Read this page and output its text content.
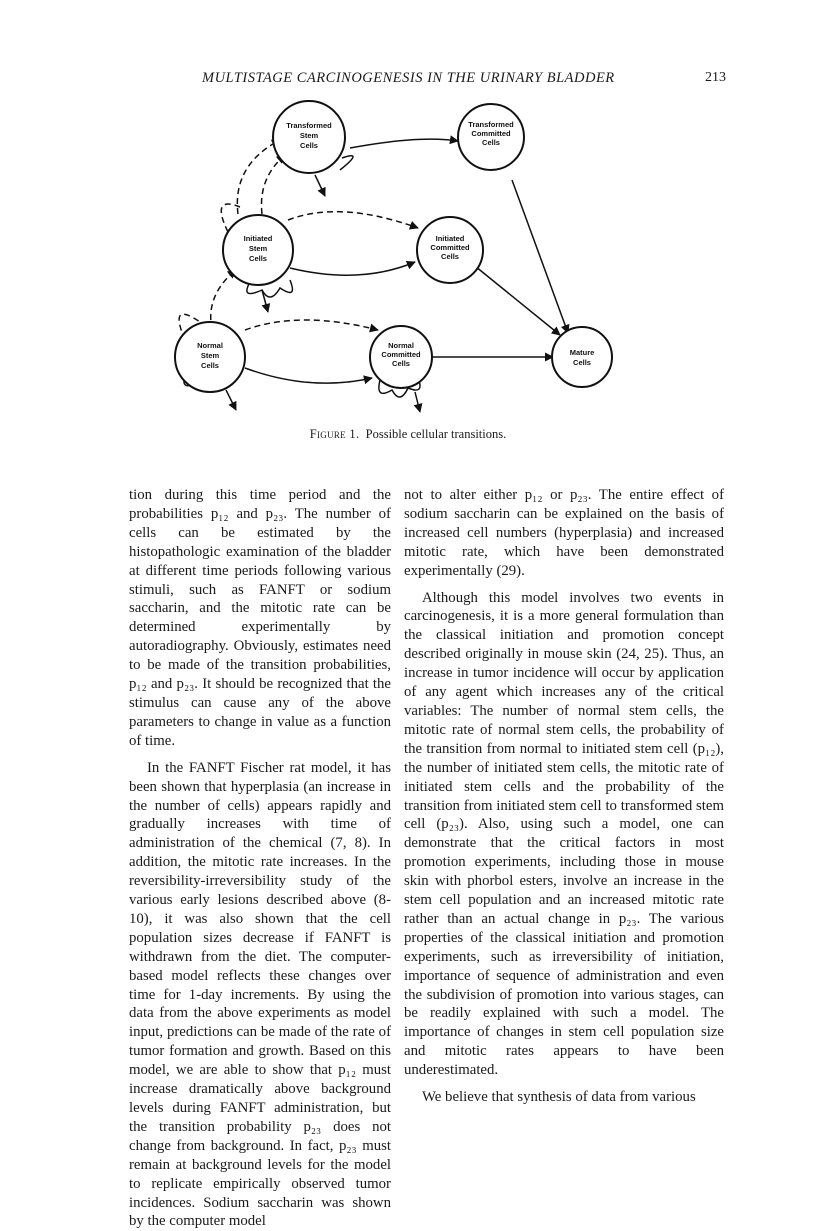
MULTISTAGE CARCINOGENESIS IN THE URINARY BLADDER	213
Transformed
Stem
Cells
Transformed
Committed
Cells
Initiated
Stem
Cells
Initiated
Committed
Cells
Normal
Stem
Cells
Normal
Committed
Cells
Mature
Cells
Figure 1. Possible cellular transitions.

tion during this time period and the probabilities p₁₂ and p₂₃. The number of cells can be estimated by the histopathologic examination of the bladder at different time periods following various stimuli, such as FANFT or sodium saccharin, and the mitotic rate can be determined experimentally by autoradiography. Obviously, estimates need to be made of the transition probabilities, p₁₂ and p₂₃. It should be recognized that the stimulus can cause any of the above parameters to change in value as a function of time.

In the FANFT Fischer rat model, it has been shown that hyperplasia (an increase in the number of cells) appears rapidly and gradually increases with time of administration of the chemical (7, 8). In addition, the mitotic rate increases. In the reversibility-irreversibility study of the various early lesions described above (8-10), it was also shown that the cell population sizes decrease if FANFT is withdrawn from the diet. The computer-based model reflects these changes over time for 1-day increments. By using the data from the above experiments as model input, predictions can be made of the rate of tumor formation and growth. Based on this model, we are able to show that p₁₂ must increase dramatically above background levels during FANFT administration, but the transition probability p₂₃ does not change from background. In fact, p₂₃ must remain at background levels for the model to replicate empirically observed tumor incidences. Sodium saccharin was shown by the computer model

not to alter either p₁₂ or p₂₃. The entire effect of sodium saccharin can be explained on the basis of increased cell numbers (hyperplasia) and increased mitotic rate, which have been demonstrated experimentally (29).

Although this model involves two events in carcinogenesis, it is a more general formulation than the classical initiation and promotion concept described originally in mouse skin (24, 25). Thus, an increase in tumor incidence will occur by application of any agent which increases any of the critical variables: The number of normal stem cells, the mitotic rate of normal stem cells, the probability of the transition from normal to initiated stem cell (p₁₂), the number of initiated stem cells, the mitotic rate of initiated stem cells and the probability of the transition from initiated stem cell to transformed stem cell (p₂₃). Also, using such a model, one can demonstrate that the critical factors in most promotion experiments, including those in mouse skin with phorbol esters, involve an increase in the stem cell population and an increased mitotic rate rather than an actual change in p₂₃. The various properties of the classical initiation and promotion experiments, such as irreversibility of initiation, importance of sequence of administration and even the subdivision of promotion into various stages, can be readily explained with such a model. The importance of changes in stem cell population size and mitotic rates appears to have been underestimated.

We believe that synthesis of data from various
